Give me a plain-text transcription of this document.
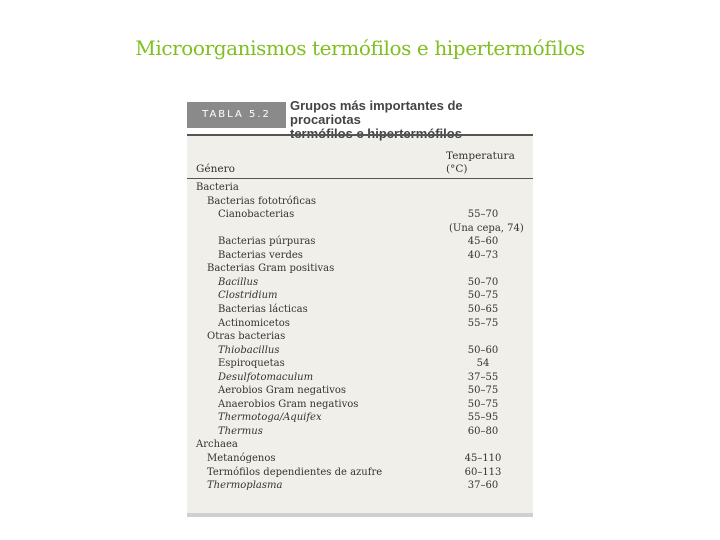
Microorganismos termófilos e hipertermófilos
TABLA 5.2
Grupos más importantes de procariotas
Género
Temperatura
(°C)
Bacteria
Bacterias fototróficas
Cianobacterias	55–70
(Una cepa, 74)
Bacterias púrpuras	45–60
Bacterias verdes	40–73
Bacterias Gram positivas
Bacillus	50–70
Clostridium	50–75
Bacterias lácticas	50–65
Actinomicetos	55–75
Otras bacterias
Thiobacillus	50–60
Espiroquetas	54
Desulfotomaculum	37–55
Aerobios Gram negativos	50–75
Anaerobios Gram negativos	50–75
Thermotoga/Aquifex	55–95
Thermus	60–80
Archaea
Metanógenos	45–110
Termófilos dependientes de azufre	60–113
Thermoplasma	37–60
